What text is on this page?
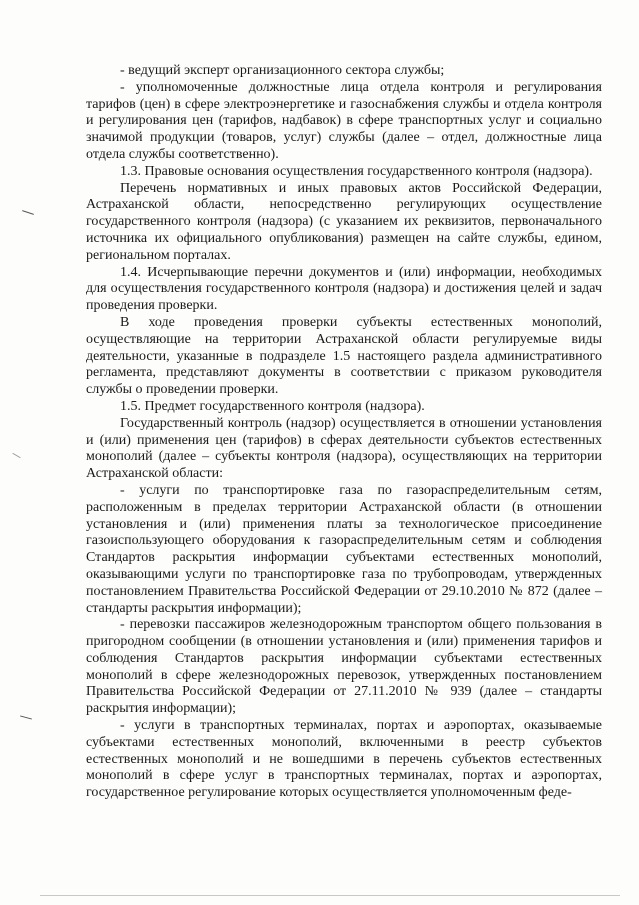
- ведущий эксперт организационного сектора службы;

- уполномоченные должностные лица отдела контроля и регулирования тарифов (цен) в сфере электроэнергетике и газоснабжения службы и отдела контроля и регулирования цен (тарифов, надбавок) в сфере транспортных услуг и социально значимой продукции (товаров, услуг) службы (далее – отдел, должностные лица отдела службы соответственно).

1.3. Правовые основания осуществления государственного контроля (надзора).

Перечень нормативных и иных правовых актов Российской Федерации, Астраханской области, непосредственно регулирующих осуществление государственного контроля (надзора) (с указанием их реквизитов, первоначального источника их официального опубликования) размещен на сайте службы, едином, региональном порталах.

1.4. Исчерпывающие перечни документов и (или) информации, необходимых для осуществления государственного контроля (надзора) и достижения целей и задач проведения проверки.

В ходе проведения проверки субъекты естественных монополий, осуществляющие на территории Астраханской области регулируемые виды деятельности, указанные в подразделе 1.5 настоящего раздела административного регламента, представляют документы в соответствии с приказом руководителя службы о проведении проверки.

1.5. Предмет государственного контроля (надзора).

Государственный контроль (надзор) осуществляется в отношении установления и (или) применения цен (тарифов) в сферах деятельности субъектов естественных монополий (далее – субъекты контроля (надзора), осуществляющих на территории Астраханской области:

- услуги по транспортировке газа по газораспределительным сетям, расположенным в пределах территории Астраханской области (в отношении установления и (или) применения платы за технологическое присоединение газоиспользующего оборудования к газораспределительным сетям и соблюдения Стандартов раскрытия информации субъектами естественных монополий, оказывающими услуги по транспортировке газа по трубопроводам, утвержденных постановлением Правительства Российской Федерации от 29.10.2010 № 872 (далее – стандарты раскрытия информации);

- перевозки пассажиров железнодорожным транспортом общего пользования в пригородном сообщении (в отношении установления и (или) применения тарифов и соблюдения Стандартов раскрытия информации субъектами естественных монополий в сфере железнодорожных перевозок, утвержденных постановлением Правительства Российской Федерации от 27.11.2010 № 939 (далее – стандарты раскрытия информации);

- услуги в транспортных терминалах, портах и аэропортах, оказываемые субъектами естественных монополий, включенными в реестр субъектов естественных монополий и не вошедшими в перечень субъектов естественных монополий в сфере услуг в транспортных терминалах, портах и аэропортах, государственное регулирование которых осуществляется уполномоченным феде-
